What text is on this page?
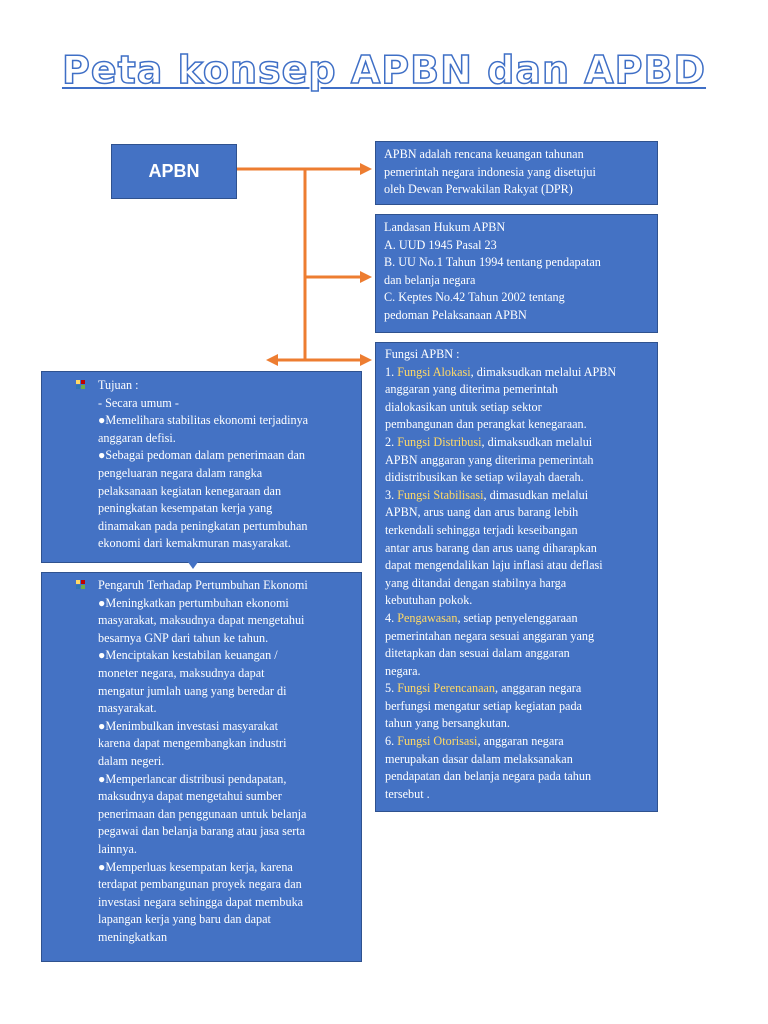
Peta konsep APBN dan APBD
APBN
APBN adalah rencana keuangan tahunan
pemerintah negara indonesia yang disetujui
oleh Dewan Perwakilan Rakyat (DPR)
Landasan Hukum APBN
A. UUD 1945 Pasal 23
B. UU No.1 Tahun 1994 tentang pendapatan
dan belanja negara
C. Keptes No.42 Tahun 2002 tentang
pedoman Pelaksanaan APBN
Fungsi APBN :
1. Fungsi Alokasi, dimaksudkan melalui APBN
anggaran yang diterima pemerintah
dialokasikan untuk setiap sektor
pembangunan dan perangkat kenegaraan.
2. Fungsi Distribusi, dimaksudkan melalui
APBN anggaran yang diterima pemerintah
didistribusikan ke setiap wilayah daerah.
3. Fungsi Stabilisasi, dimasudkan melalui
APBN, arus uang dan arus barang lebih
terkendali sehingga terjadi keseibangan
antar arus barang dan arus uang diharapkan
dapat mengendalikan laju inflasi atau deflasi
yang ditandai dengan stabilnya harga
kebutuhan pokok.
4. Pengawasan, setiap penyelenggaraan
pemerintahan negara sesuai anggaran yang
ditetapkan dan sesuai dalam anggaran
negara.
5. Fungsi Perencanaan, anggaran negara
berfungsi mengatur setiap kegiatan pada
tahun yang bersangkutan.
6. Fungsi Otorisasi, anggaran negara
merupakan dasar dalam melaksanakan
pendapatan dan belanja negara pada tahun
tersebut .
Tujuan :
- Secara umum -
●Memelihara stabilitas ekonomi terjadinya
anggaran defisi.
●Sebagai pedoman dalam penerimaan dan
pengeluaran negara dalam rangka
pelaksanaan kegiatan kenegaraan dan
peningkatan kesempatan kerja yang
dinamakan pada peningkatan pertumbuhan
ekonomi dari kemakmuran masyarakat.
Pengaruh Terhadap Pertumbuhan Ekonomi
●Meningkatkan pertumbuhan ekonomi
masyarakat, maksudnya dapat mengetahui
besarnya GNP dari tahun ke tahun.
●Menciptakan kestabilan keuangan /
moneter negara, maksudnya dapat
mengatur jumlah uang yang beredar di
masyarakat.
●Menimbulkan investasi masyarakat
karena dapat mengembangkan industri
dalam negeri.
●Memperlancar distribusi pendapatan,
maksudnya dapat mengetahui sumber
penerimaan dan penggunaan untuk belanja
pegawai dan belanja barang atau jasa serta
lainnya.
●Memperluas kesempatan kerja, karena
terdapat pembangunan proyek negara dan
investasi negara sehingga dapat membuka
lapangan kerja yang baru dan dapat
meningkatkan
